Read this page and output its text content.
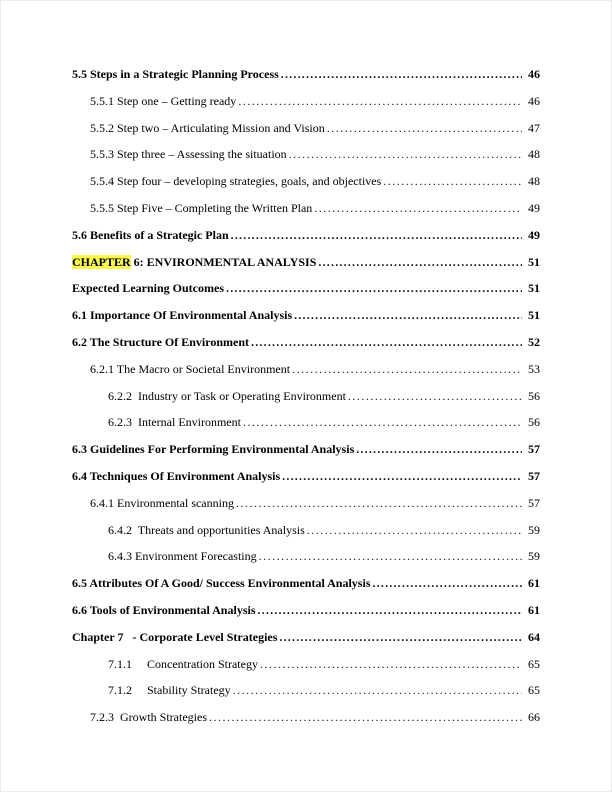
5.5 Steps in a Strategic Planning Process .....	46
5.5.1 Step one – Getting ready .....	46
5.5.2 Step two – Articulating Mission and Vision .....	47
5.5.3 Step three – Assessing the situation .....	48
5.5.4 Step four – developing strategies, goals, and objectives .....	48
5.5.5 Step Five – Completing the Written Plan .....	49
5.6 Benefits of a Strategic Plan .....	49
CHAPTER 6: ENVIRONMENTAL ANALYSIS .....	51
Expected Learning Outcomes .....	51
6.1 Importance Of Environmental Analysis .....	51
6.2 The Structure Of Environment .....	52
6.2.1 The Macro or Societal Environment .....	53
6.2.2  Industry or Task or Operating Environment .....	56
6.2.3  Internal Environment .....	56
6.3 Guidelines For Performing Environmental Analysis .....	57
6.4 Techniques Of Environment Analysis .....	57
6.4.1 Environmental scanning .....	57
6.4.2  Threats and opportunities Analysis .....	59
6.4.3 Environment Forecasting .....	59
6.5 Attributes Of A Good/ Success Environmental Analysis .....	61
6.6 Tools of Environmental Analysis .....	61
Chapter 7   - Corporate Level Strategies .....	64
7.1.1     Concentration Strategy .....	65
7.1.2     Stability Strategy .....	65
7.2.3  Growth Strategies .....	66
